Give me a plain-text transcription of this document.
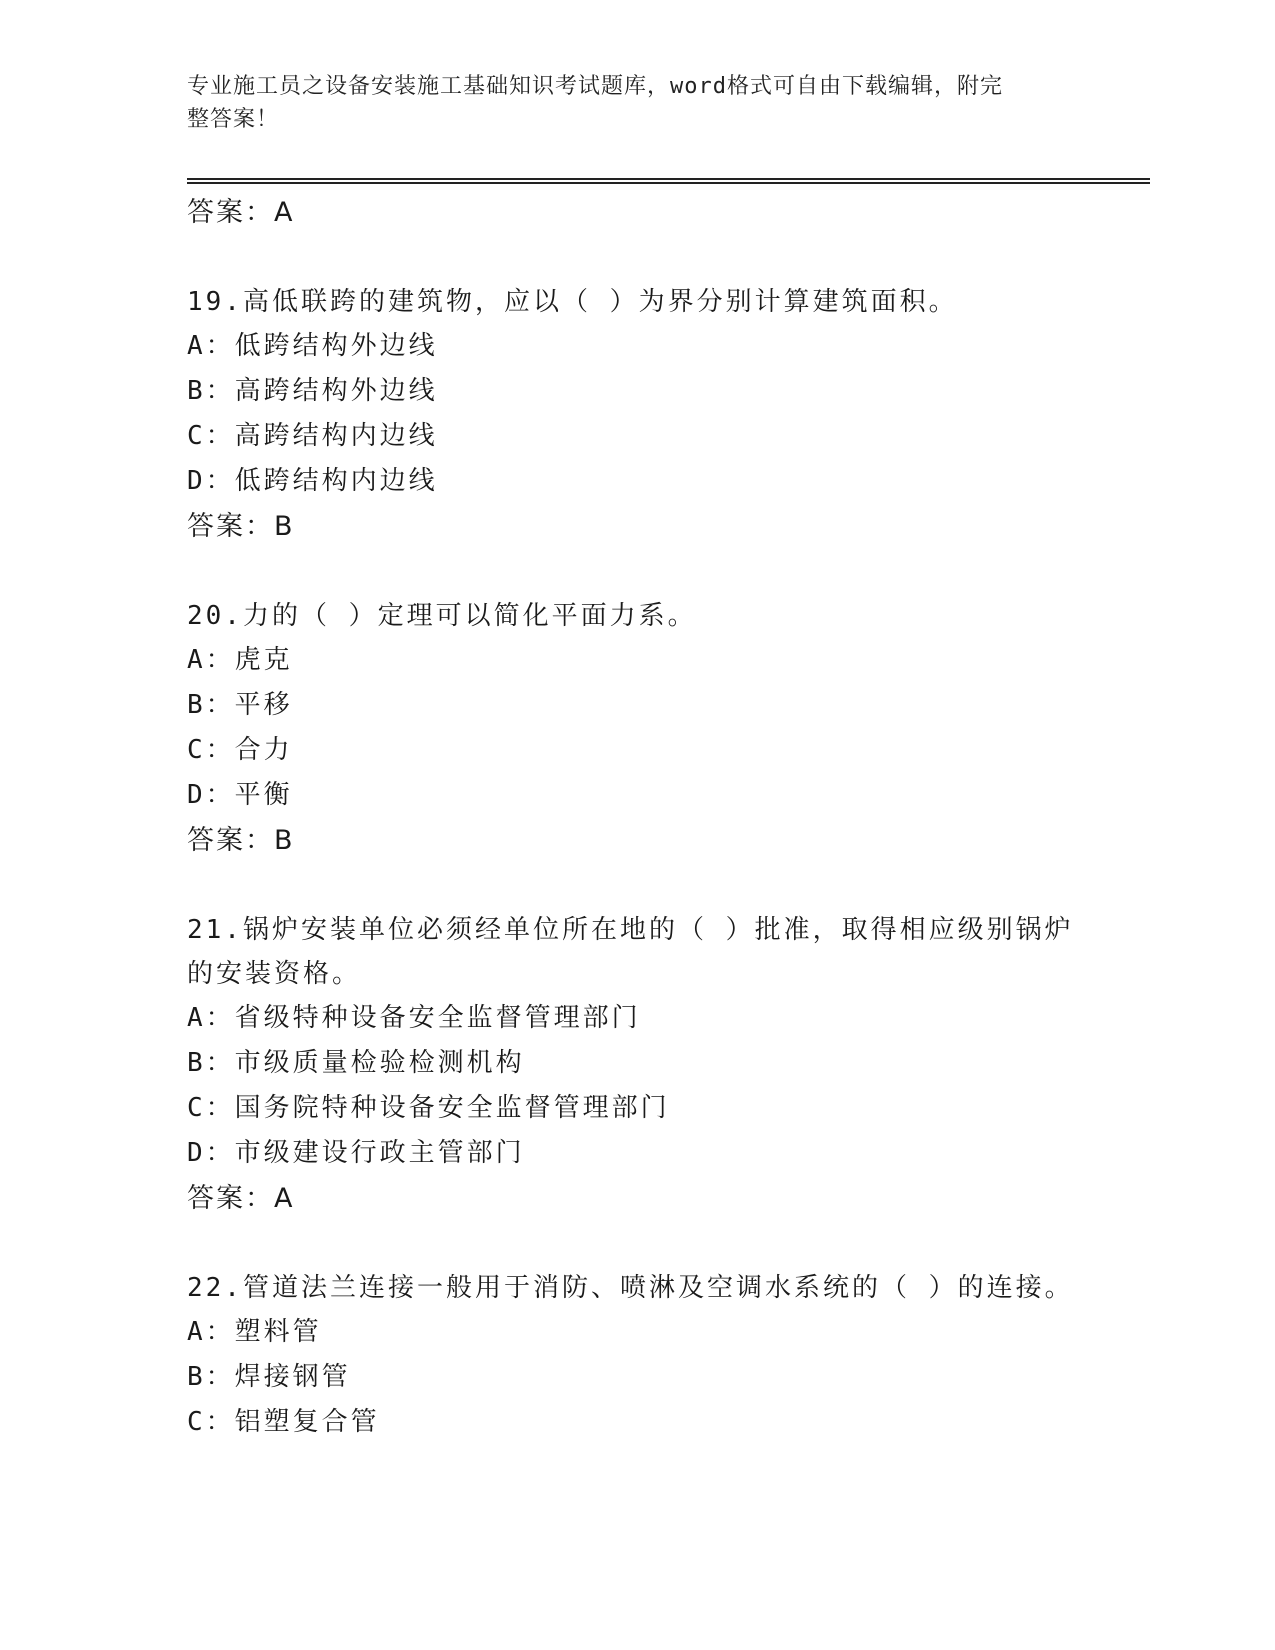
专业施工员之设备安装施工基础知识考试题库，word格式可自由下载编辑，附完
整答案！
答案：A
19.高低联跨的建筑物，应以（ ）为界分别计算建筑面积。
A：低跨结构外边线
B：高跨结构外边线
C：高跨结构内边线
D：低跨结构内边线
答案：B
20.力的（ ）定理可以简化平面力系。
A：虎克
B：平移
C：合力
D：平衡
答案：B
21.锅炉安装单位必须经单位所在地的（ ）批准，取得相应级别锅炉
的安装资格。
A：省级特种设备安全监督管理部门
B：市级质量检验检测机构
C：国务院特种设备安全监督管理部门
D：市级建设行政主管部门
答案：A
22.管道法兰连接一般用于消防、喷淋及空调水系统的（ ）的连接。
A：塑料管
B：焊接钢管
C：铝塑复合管
